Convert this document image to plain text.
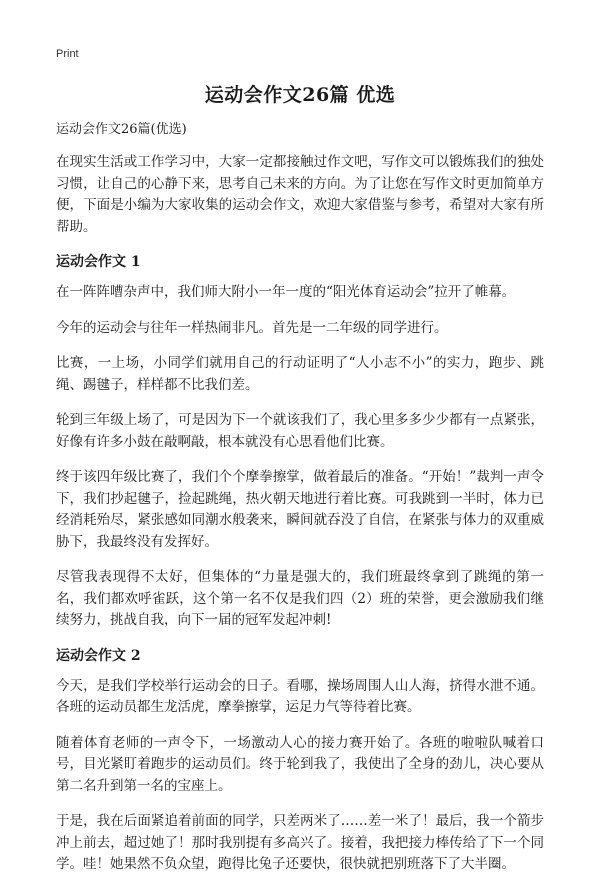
Print
运动会作文26篇 优选

运动会作文26篇(优选)

在现实生活或工作学习中，大家一定都接触过作文吧，写作文可以锻炼我们的独处习惯，让自己的心静下来，思考自己未来的方向。为了让您在写作文时更加简单方便，下面是小编为大家收集的运动会作文，欢迎大家借鉴与参考，希望对大家有所帮助。

运动会作文 1

在一阵阵嘈杂声中，我们师大附小一年一度的“阳光体育运动会”拉开了帷幕。

今年的运动会与往年一样热闹非凡。首先是一二年级的同学进行。

比赛，一上场，小同学们就用自己的行动证明了“人小志不小”的实力，跑步、跳绳、踢毽子，样样都不比我们差。

轮到三年级上场了，可是因为下一个就该我们了，我心里多多少少都有一点紧张，好像有许多小鼓在敲啊敲，根本就没有心思看他们比赛。

终于该四年级比赛了，我们个个摩拳擦掌，做着最后的准备。“开始！”裁判一声令下，我们抄起毽子，捡起跳绳，热火朝天地进行着比赛。可我跳到一半时，体力已经消耗殆尽，紧张感如同潮水般袭来，瞬间就吞没了自信，在紧张与体力的双重威胁下，我最终没有发挥好。

尽管我表现得不太好，但集体的“力量是强大的，我们班最终拿到了跳绳的第一名，我们都欢呼雀跃，这个第一名不仅是我们四（2）班的荣誉，更会激励我们继续努力，挑战自我，向下一届的冠军发起冲刺!

运动会作文 2

今天，是我们学校举行运动会的日子。看哪，操场周围人山人海，挤得水泄不通。各班的运动员都生龙活虎，摩拳擦掌，运足力气等待着比赛。

随着体育老师的一声令下，一场激动人心的接力赛开始了。各班的啦啦队喊着口号，目光紧盯着跑步的运动员们。终于轮到我了，我使出了全身的劲儿，决心要从第二名升到第一名的宝座上。

于是，我在后面紧追着前面的同学，只差两米了……差一米了！最后，我一个箭步冲上前去，超过她了！那时我别提有多高兴了。接着，我把接力棒传给了下一个同学。哇！她果然不负众望，跑得比兔子还要快，很快就把别班落下了大半圈。
